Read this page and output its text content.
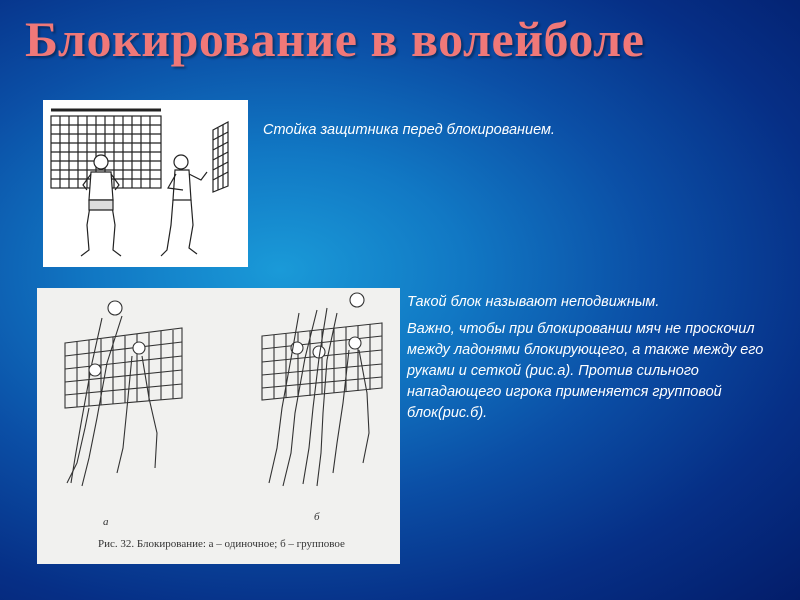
Блокирование в волейболе
Стойка защитника перед блокированием.
а	б
Рис. 32. Блокирование: а – одиночное; б – групповое

Такой блок называют неподвижным.

Важно, чтобы при блокировании мяч не проскочил между ладонями блокирующего, а также между его руками и сеткой (рис.а). Против сильного нападающего игрока применяется групповой блок(рис.б).
